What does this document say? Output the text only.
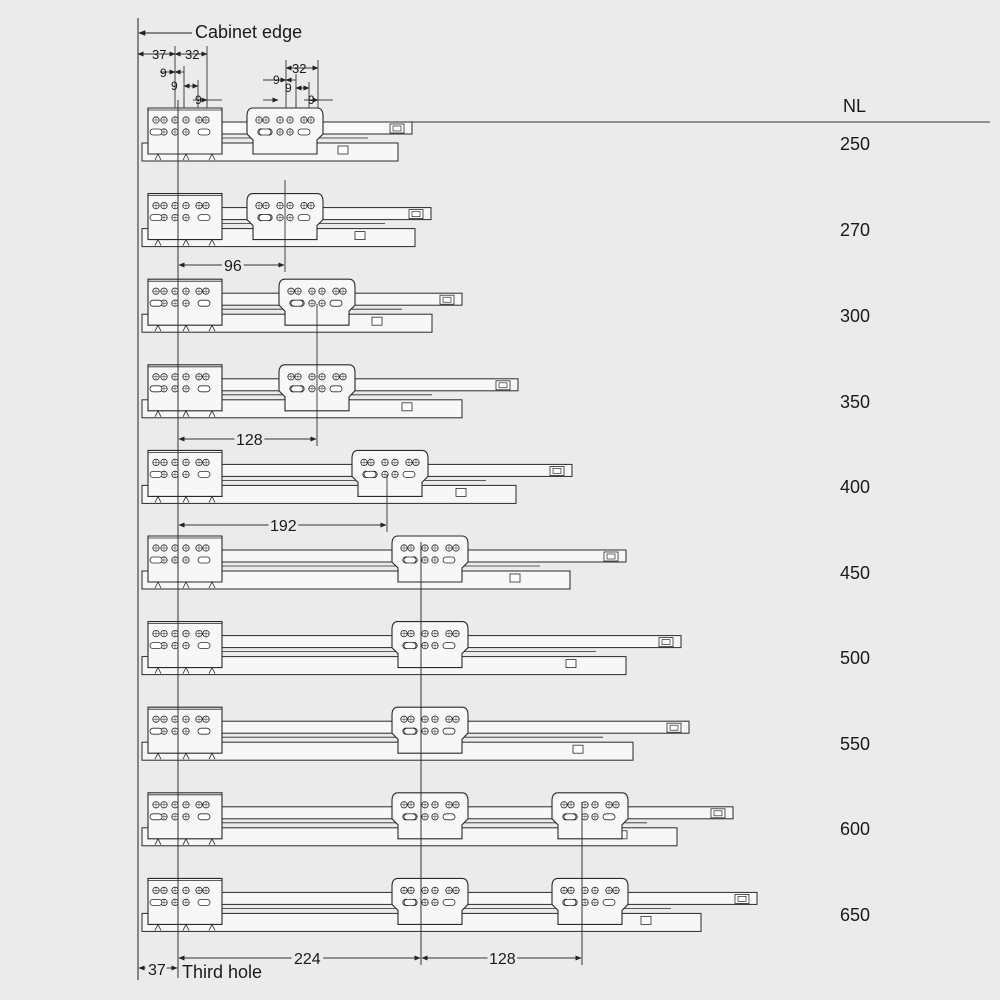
Cabinet edge
NL
37 32
9
9
9
32
9
9
9
96
128
192
37 Third hole
224	128
250
270
300
350
400
450
500
550
600
650
